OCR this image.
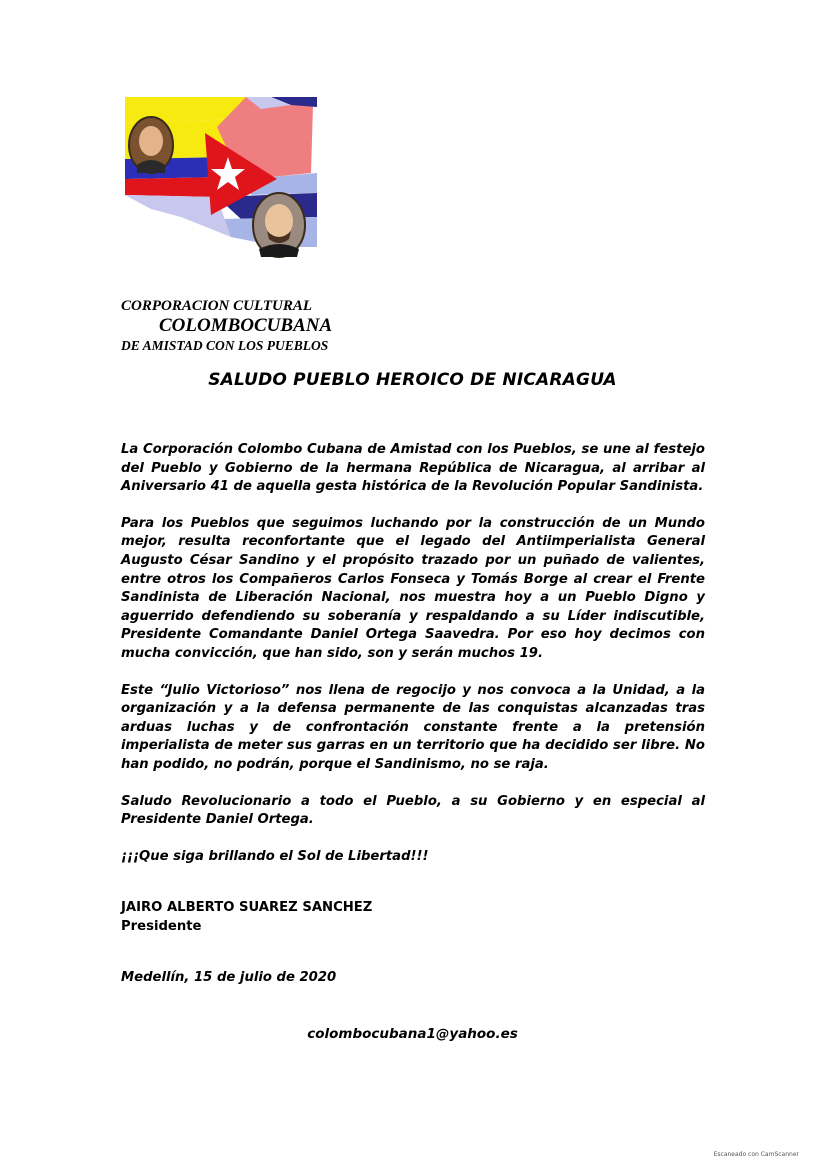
CORPORACION CULTURAL
COLOMBOCUBANA
DE AMISTAD CON LOS PUEBLOS
SALUDO PUEBLO HEROICO DE NICARAGUA

La Corporación Colombo Cubana de Amistad con los Pueblos, se une al festejo del Pueblo y Gobierno de la hermana República de Nicaragua, al arribar al Aniversario 41 de aquella gesta histórica de la Revolución Popular Sandinista.

Para los Pueblos que seguimos luchando por la construcción de un Mundo mejor, resulta reconfortante que el legado del Antiimperialista General Augusto César Sandino y el propósito trazado por un puñado de valientes, entre otros los Compañeros Carlos Fonseca y Tomás Borge al crear el Frente Sandinista de Liberación Nacional, nos muestra hoy a un Pueblo Digno y aguerrido defendiendo su soberanía y respaldando a su Líder indiscutible, Presidente Comandante Daniel Ortega Saavedra. Por eso hoy decimos con mucha convicción, que han sido, son y serán muchos 19.

Este “Julio Victorioso” nos llena de regocijo y nos convoca a la Unidad, a la organización y a la defensa permanente de las conquistas alcanzadas tras arduas luchas y de confrontación constante frente a la pretensión imperialista de meter sus garras en un territorio que ha decidido ser libre. No han podido, no podrán, porque el Sandinismo, no se raja.

Saludo Revolucionario a todo el Pueblo, a su Gobierno y en especial al Presidente Daniel Ortega.

¡¡¡Que siga brillando el Sol de Libertad!!!

JAIRO ALBERTO SUAREZ SANCHEZ
Presidente
Medellín, 15 de julio de 2020
colombocubana1@yahoo.es
Escaneado con CamScanner
